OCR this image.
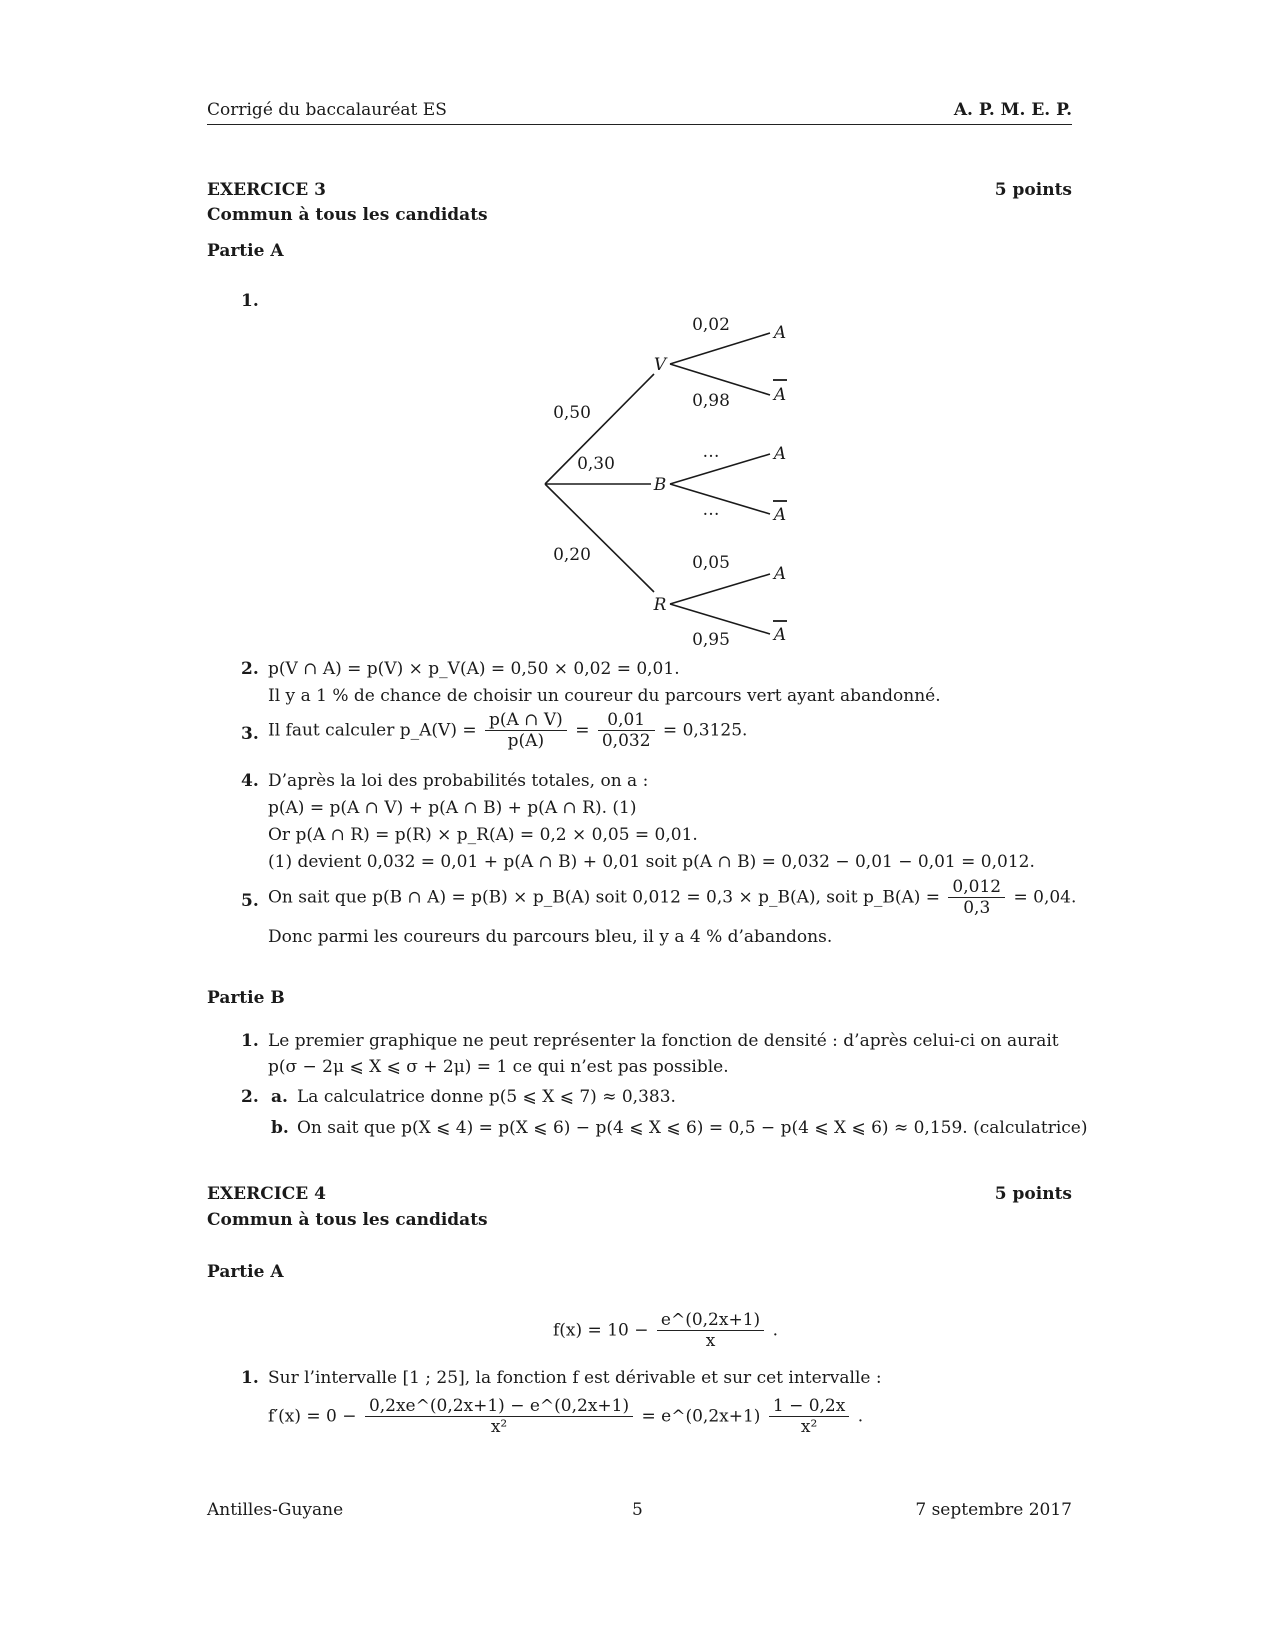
Corrigé du baccalauréat ES	A. P. M. E. P.
EXERCICE 3	5 points
Commun à tous les candidats
Partie A
1.
0,50
0,30
0,20
V
B
R
0,02
0,98
…
…
0,05
0,95
A
A
A
A
A
A
2. p(V ∩ A) = p(V) × p_V(A) = 0,50 × 0,02 = 0,01.
Il y a 1 % de chance de choisir un coureur du parcours vert ayant abandonné.
3. Il faut calculer p_A(V) = $\frac{p(A \cap V)}{p(A)} = \frac{0,01}{0,032} = 0,3125$.
4. D’après la loi des probabilités totales, on a :
p(A) = p(A ∩ V) + p(A ∩ B) + p(A ∩ R). (1)
Or p(A ∩ R) = p(R) × p_R(A) = 0,2 × 0,05 = 0,01.
(1) devient 0,032 = 0,01 + p(A ∩ B) + 0,01 soit p(A ∩ B) = 0,032 − 0,01 − 0,01 = 0,012.
5. On sait que p(B ∩ A) = p(B) × p_B(A) soit 0,012 = 0,3 × p_B(A), soit p_B(A) = $\frac{0,012}{0,3} = 0,04$.
Donc parmi les coureurs du parcours bleu, il y a 4 % d’abandons.
Partie B
1. Le premier graphique ne peut représenter la fonction de densité : d’après celui-ci on aurait
p(σ − 2μ ⩽ X ⩽ σ + 2μ) = 1 ce qui n’est pas possible.
2. a. La calculatrice donne p(5 ⩽ X ⩽ 7) ≈ 0,383.
b. On sait que p(X ⩽ 4) = p(X ⩽ 6) − p(4 ⩽ X ⩽ 6) = 0,5 − p(4 ⩽ X ⩽ 6) ≈ 0,159. (calculatrice)
EXERCICE 4	5 points
Commun à tous les candidats
Partie A
$f(x) = 10 - \frac{e\^{}(0,2x+1)}{x}$ .
1. Sur l’intervalle [1 ; 25], la fonction f est dérivable et sur cet intervalle :
$f'(x) = 0 - \frac{0,2xe\^{}(0,2x+1) - e\^{}(0,2x+1)}{\text{x²}}$ = e^(0,2x+1) $\frac{1 - 0,2x}{\text{x²}}$ .
Antilles-Guyane	5	7 septembre 2017
